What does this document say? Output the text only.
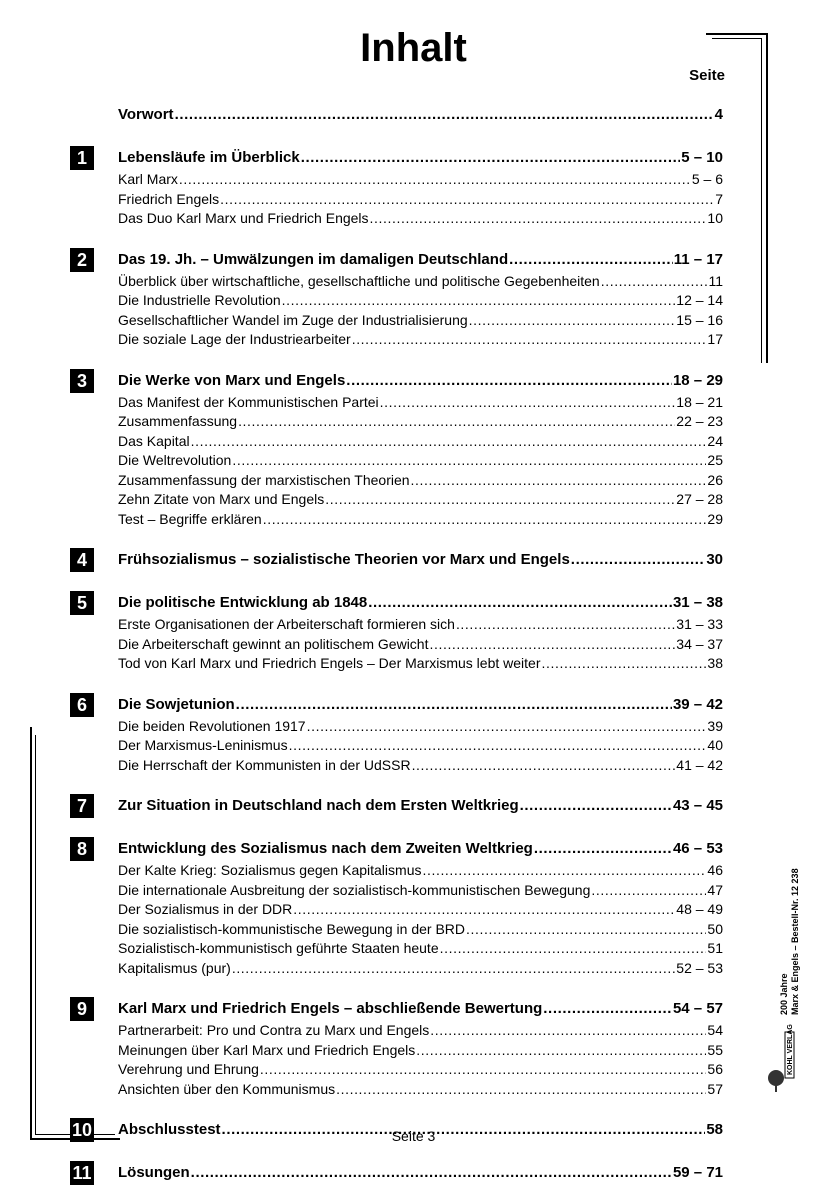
Inhalt
Seite
Vorwort .....	4
1	Lebensläufe im Überblick .....	5 – 10
Karl Marx .....	5 – 6
Friedrich Engels .....	7
Das Duo Karl Marx und Friedrich Engels .....	10
2	Das 19. Jh. – Umwälzungen im damaligen Deutschland .....	11 – 17
Überblick über wirtschaftliche, gesellschaftliche und politische Gegebenheiten .....	11
Die Industrielle Revolution .....	12 – 14
Gesellschaftlicher Wandel im Zuge der Industrialisierung .....	15 – 16
Die soziale Lage der Industriearbeiter .....	17
3	Die Werke von Marx und Engels .....	18 – 29
Das Manifest der Kommunistischen Partei .....	18 – 21
Zusammenfassung .....	22 – 23
Das Kapital .....	24
Die Weltrevolution .....	25
Zusammenfassung der marxistischen Theorien .....	26
Zehn Zitate von Marx und Engels .....	27 – 28
Test – Begriffe erklären .....	29
4	Frühsozialismus – sozialistische Theorien vor Marx und Engels .....	30
5	Die politische Entwicklung ab 1848 .....	31 – 38
Erste Organisationen der Arbeiterschaft formieren sich .....	31 – 33
Die Arbeiterschaft gewinnt an politischem Gewicht .....	34 – 37
Tod von Karl Marx und Friedrich Engels – Der Marxismus lebt weiter .....	38
6	Die Sowjetunion .....	39 – 42
Die beiden Revolutionen 1917 .....	39
Der Marxismus-Leninismus .....	40
Die Herrschaft der Kommunisten in der UdSSR .....	41 – 42
7	Zur Situation in Deutschland nach dem Ersten Weltkrieg .....	43 – 45
8	Entwicklung des Sozialismus nach dem Zweiten Weltkrieg .....	46 – 53
Der Kalte Krieg: Sozialismus gegen Kapitalismus .....	46
Die internationale Ausbreitung der sozialistisch-kommunistischen Bewegung .....	47
Der Sozialismus in der DDR .....	48 – 49
Die sozialistisch-kommunistische Bewegung in der BRD .....	50
Sozialistisch-kommunistisch geführte Staaten heute .....	51
Kapitalismus (pur) .....	52 – 53
9	Karl Marx und Friedrich Engels – abschließende Bewertung .....	54 – 57
Partnerarbeit: Pro und Contra zu Marx und Engels .....	54
Meinungen über Karl Marx und Friedrich Engels .....	55
Verehrung und Ehrung .....	56
Ansichten über den Kommunismus .....	57
10 Abschlusstest .....	58
11 Lösungen .....	59 – 71
Seite 3
200 Jahre Marx & Engels – Bestell-Nr. 12 238
KOHL VERLAG
